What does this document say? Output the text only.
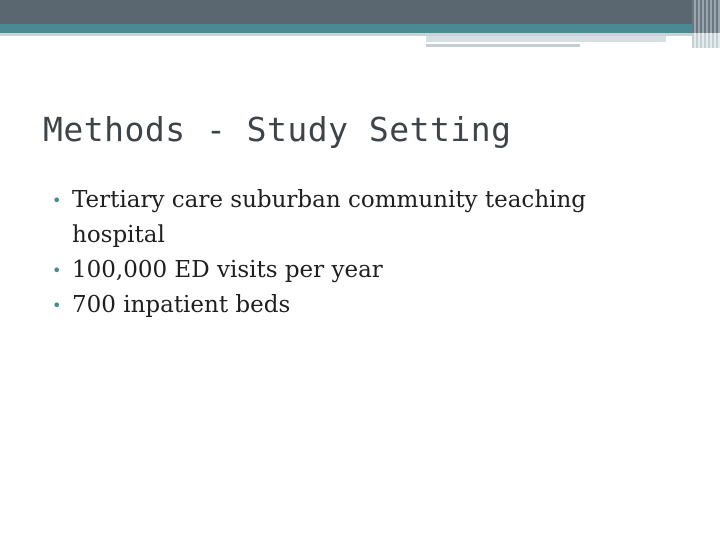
Methods - Study Setting
• Tertiary care suburban community teaching hospital
• 100,000 ED visits per year
• 700 inpatient beds
